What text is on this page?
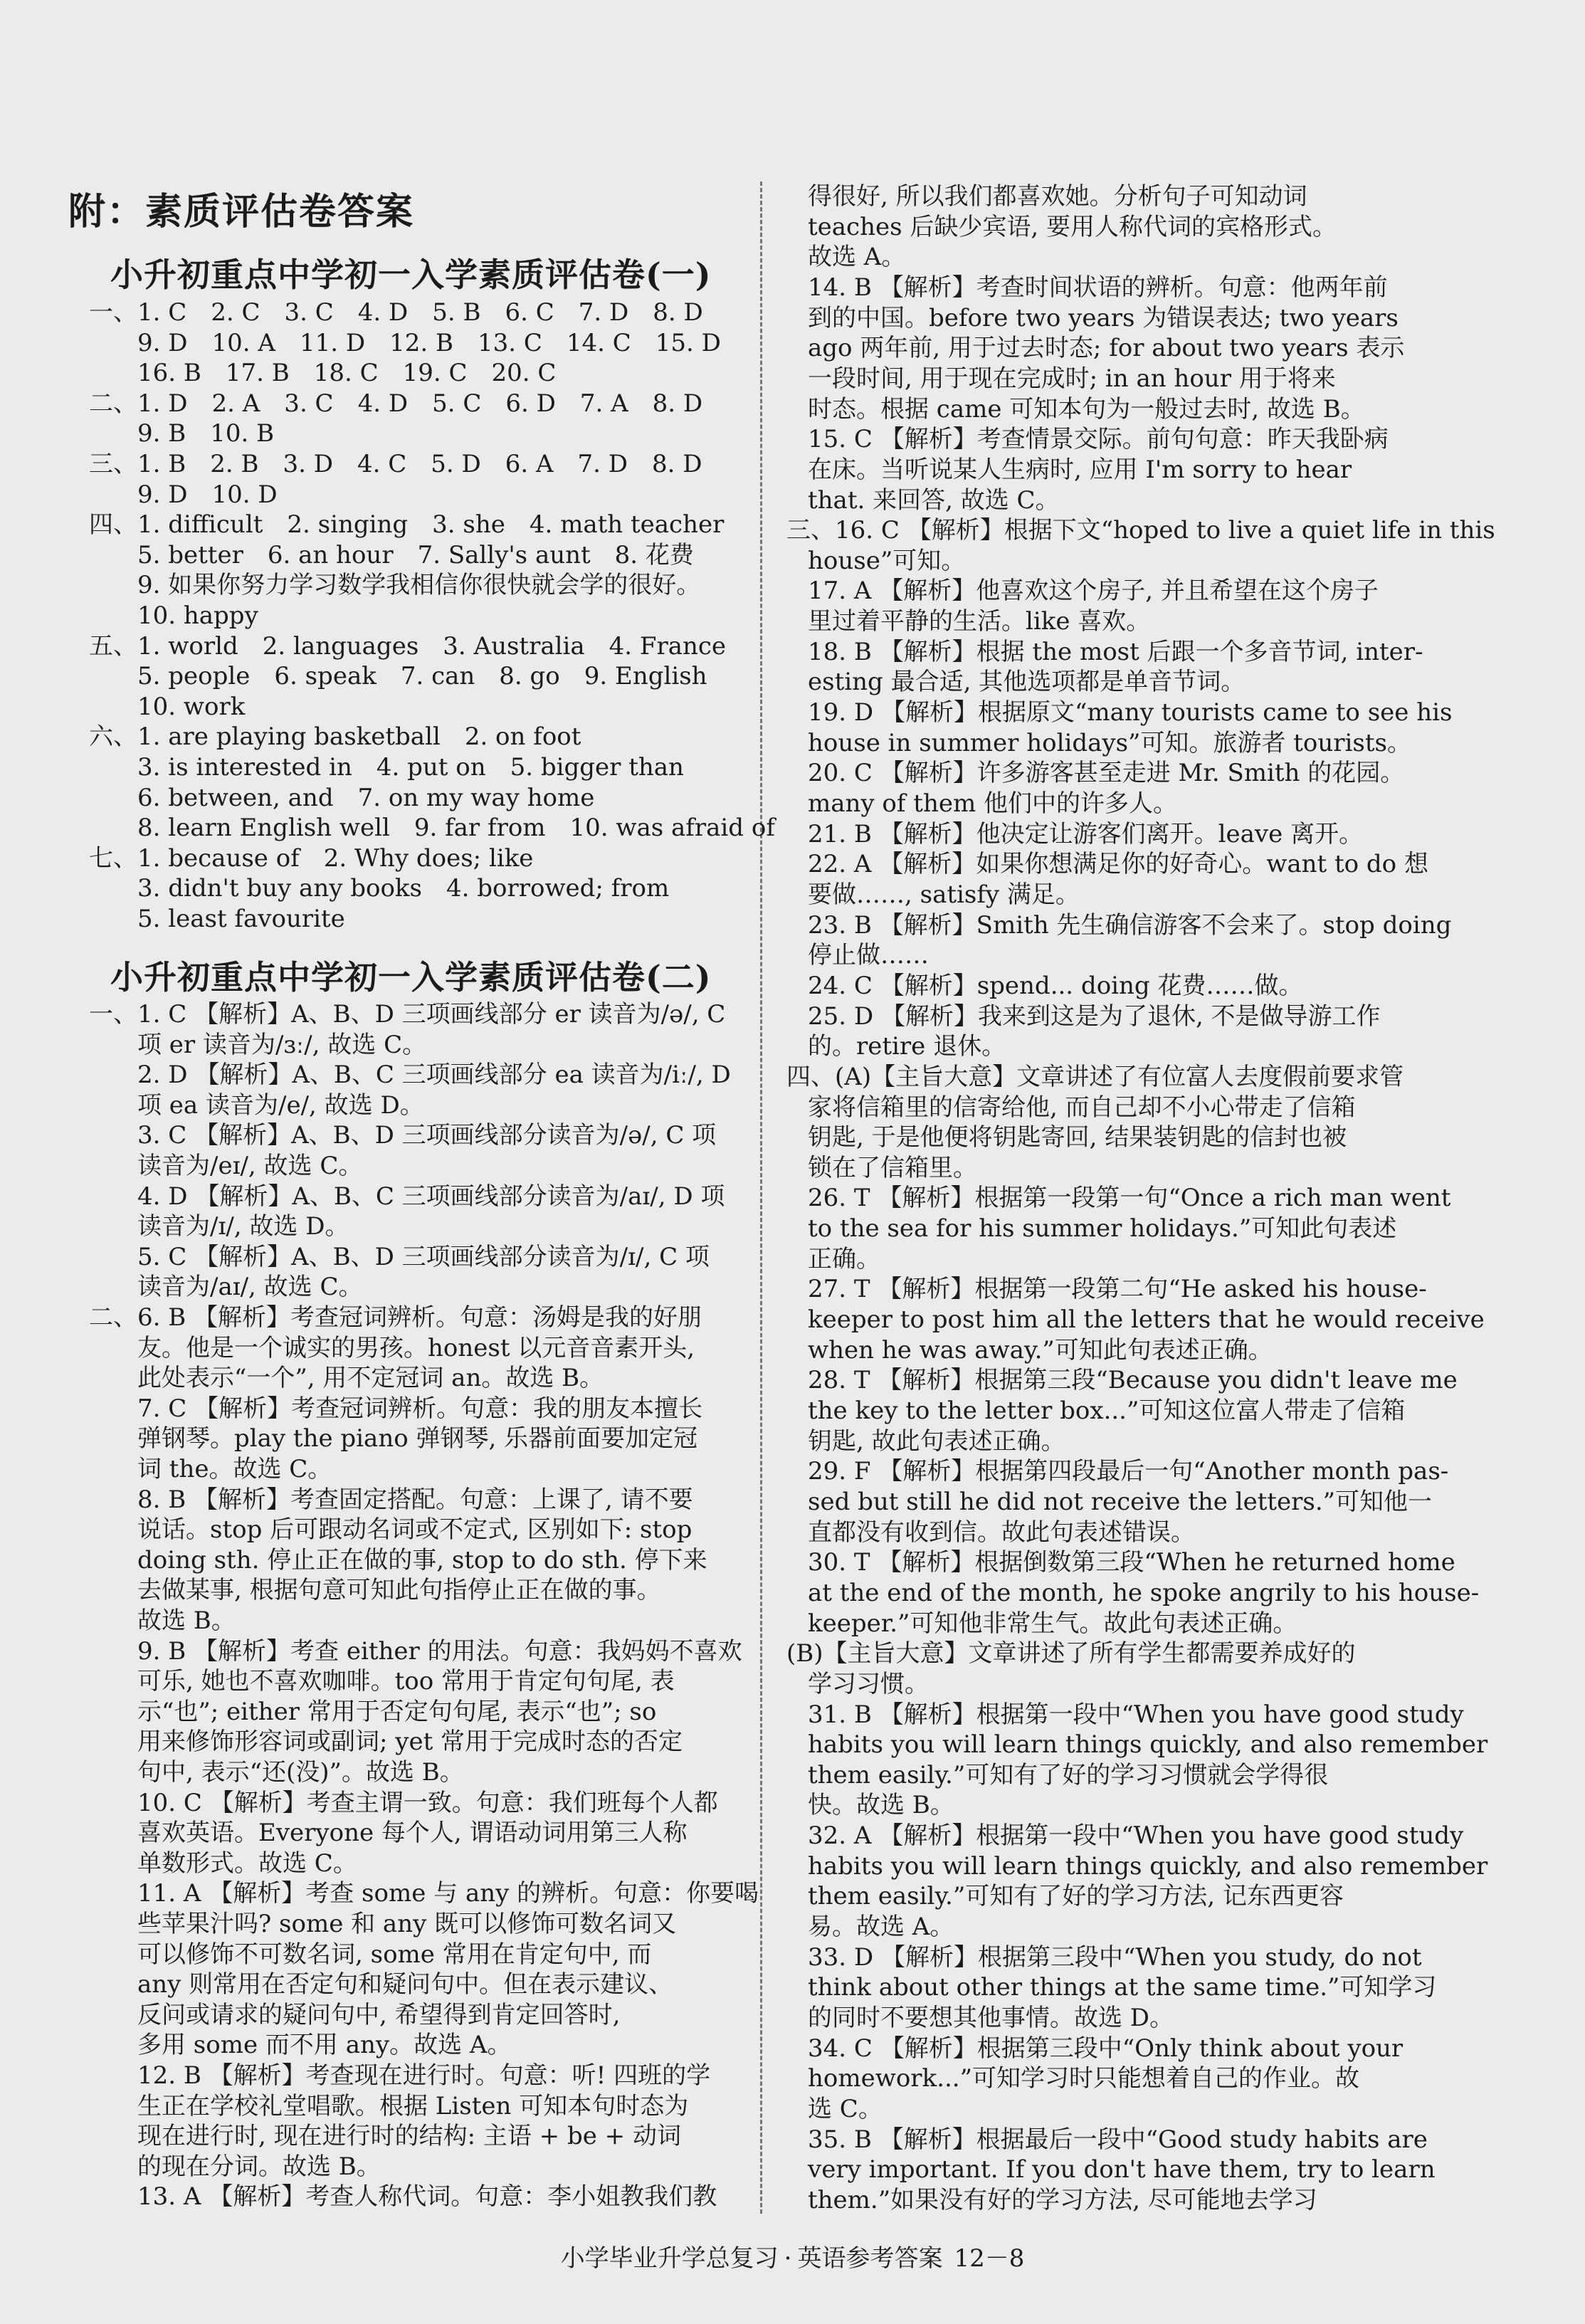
附：素质评估卷答案
小升初重点中学初一入学素质评估卷(一)
一、1. C　2. C　3. C　4. D　5. B　6. C　7. D　8. D
　　9. D　10. A　11. D　12. B　13. C　14. C　15. D
　　16. B　17. B　18. C　19. C　20. C
二、1. D　2. A　3. C　4. D　5. C　6. D　7. A　8. D
　　9. B　10. B
三、1. B　2. B　3. D　4. C　5. D　6. A　7. D　8. D
　　9. D　10. D
四、1. difficult　2. singing　3. she　4. math teacher
　　5. better　6. an hour　7. Sally's aunt　8. 花费
　　9. 如果你努力学习数学我相信你很快就会学的很好。
　　10. happy
五、1. world　2. languages　3. Australia　4. France
　　5. people　6. speak　7. can　8. go　9. English
　　10. work
六、1. are playing basketball　2. on foot
　　3. is interested in　4. put on　5. bigger than
　　6. between, and　7. on my way home
　　8. learn English well　9. far from　10. was afraid of
七、1. because of　2. Why does; like
　　3. didn't buy any books　4. borrowed; from
　　5. least favourite
小升初重点中学初一入学素质评估卷(二)
一、1. C 【解析】A、B、D 三项画线部分 er 读音为/ə/, C
　　项 er 读音为/ɜː/, 故选 C。
　　2. D 【解析】A、B、C 三项画线部分 ea 读音为/iː/, D
　　项 ea 读音为/e/, 故选 D。
　　3. C 【解析】A、B、D 三项画线部分读音为/ə/, C 项
　　读音为/eɪ/, 故选 C。
　　4. D 【解析】A、B、C 三项画线部分读音为/aɪ/, D 项
　　读音为/ɪ/, 故选 D。
　　5. C 【解析】A、B、D 三项画线部分读音为/ɪ/, C 项
　　读音为/aɪ/, 故选 C。
二、6. B 【解析】考查冠词辨析。句意：汤姆是我的好朋
　　友。他是一个诚实的男孩。honest 以元音音素开头,
　　此处表示“一个”, 用不定冠词 an。故选 B。
　　7. C 【解析】考查冠词辨析。句意：我的朋友本擅长
　　弹钢琴。play the piano 弹钢琴, 乐器前面要加定冠
　　词 the。故选 C。
　　8. B 【解析】考查固定搭配。句意：上课了, 请不要
　　说话。stop 后可跟动名词或不定式, 区别如下: stop
　　doing sth. 停止正在做的事, stop to do sth. 停下来
　　去做某事, 根据句意可知此句指停止正在做的事。
　　故选 B。
　　9. B 【解析】考查 either 的用法。句意：我妈妈不喜欢
　　可乐, 她也不喜欢咖啡。too 常用于肯定句句尾, 表
　　示“也”; either 常用于否定句句尾, 表示“也”; so
　　用来修饰形容词或副词; yet 常用于完成时态的否定
　　句中, 表示“还(没)”。故选 B。
　　10. C 【解析】考查主谓一致。句意：我们班每个人都
　　喜欢英语。Everyone 每个人, 谓语动词用第三人称
　　单数形式。故选 C。
　　11. A 【解析】考查 some 与 any 的辨析。句意：你要喝
　　些苹果汁吗? some 和 any 既可以修饰可数名词又
　　可以修饰不可数名词, some 常用在肯定句中, 而
　　any 则常用在否定句和疑问句中。但在表示建议、
　　反问或请求的疑问句中, 希望得到肯定回答时,
　　多用 some 而不用 any。故选 A。
　　12. B 【解析】考查现在进行时。句意：听! 四班的学
　　生正在学校礼堂唱歌。根据 Listen 可知本句时态为
　　现在进行时, 现在进行时的结构: 主语 + be + 动词
　　的现在分词。故选 B。
　　13. A 【解析】考查人称代词。句意：李小姐教我们教
得很好, 所以我们都喜欢她。分析句子可知动词
teaches 后缺少宾语, 要用人称代词的宾格形式。
故选 A。
14. B 【解析】考查时间状语的辨析。句意：他两年前
到的中国。before two years 为错误表达; two years
ago 两年前, 用于过去时态; for about two years 表示
一段时间, 用于现在完成时; in an hour 用于将来
时态。根据 came 可知本句为一般过去时, 故选 B。
15. C 【解析】考查情景交际。前句句意：昨天我卧病
在床。当听说某人生病时, 应用 I'm sorry to hear
that. 来回答, 故选 C。
三、16. C 【解析】根据下文“hoped to live a quiet life in this
house”可知。
17. A 【解析】他喜欢这个房子, 并且希望在这个房子
里过着平静的生活。like 喜欢。
18. B 【解析】根据 the most 后跟一个多音节词, inter-
esting 最合适, 其他选项都是单音节词。
19. D 【解析】根据原文“many tourists came to see his
house in summer holidays”可知。旅游者 tourists。
20. C 【解析】许多游客甚至走进 Mr. Smith 的花园。
many of them 他们中的许多人。
21. B 【解析】他决定让游客们离开。leave 离开。
22. A 【解析】如果你想满足你的好奇心。want to do 想
要做……, satisfy 满足。
23. B 【解析】Smith 先生确信游客不会来了。stop doing
停止做……
24. C 【解析】spend... doing 花费……做。
25. D 【解析】我来到这是为了退休, 不是做导游工作
的。retire 退休。
四、(A)【主旨大意】文章讲述了有位富人去度假前要求管
家将信箱里的信寄给他, 而自己却不小心带走了信箱
钥匙, 于是他便将钥匙寄回, 结果装钥匙的信封也被
锁在了信箱里。
26. T 【解析】根据第一段第一句“Once a rich man went
to the sea for his summer holidays.”可知此句表述
正确。
27. T 【解析】根据第一段第二句“He asked his house-
keeper to post him all the letters that he would receive
when he was away.”可知此句表述正确。
28. T 【解析】根据第三段“Because you didn't leave me
the key to the letter box...”可知这位富人带走了信箱
钥匙, 故此句表述正确。
29. F 【解析】根据第四段最后一句“Another month pas-
sed but still he did not receive the letters.”可知他一
直都没有收到信。故此句表述错误。
30. T 【解析】根据倒数第三段“When he returned home
at the end of the month, he spoke angrily to his house-
keeper.”可知他非常生气。故此句表述正确。
(B)【主旨大意】文章讲述了所有学生都需要养成好的
学习习惯。
31. B 【解析】根据第一段中“When you have good study
habits you will learn things quickly, and also remember
them easily.”可知有了好的学习习惯就会学得很
快。故选 B。
32. A 【解析】根据第一段中“When you have good study
habits you will learn things quickly, and also remember
them easily.”可知有了好的学习方法, 记东西更容
易。故选 A。
33. D 【解析】根据第三段中“When you study, do not
think about other things at the same time.”可知学习
的同时不要想其他事情。故选 D。
34. C 【解析】根据第三段中“Only think about your
homework...”可知学习时只能想着自己的作业。故
选 C。
35. B 【解析】根据最后一段中“Good study habits are
very important. If you don't have them, try to learn
them.”如果没有好的学习方法, 尽可能地去学习
小学毕业升学总复习 · 英语参考答案 12－8
